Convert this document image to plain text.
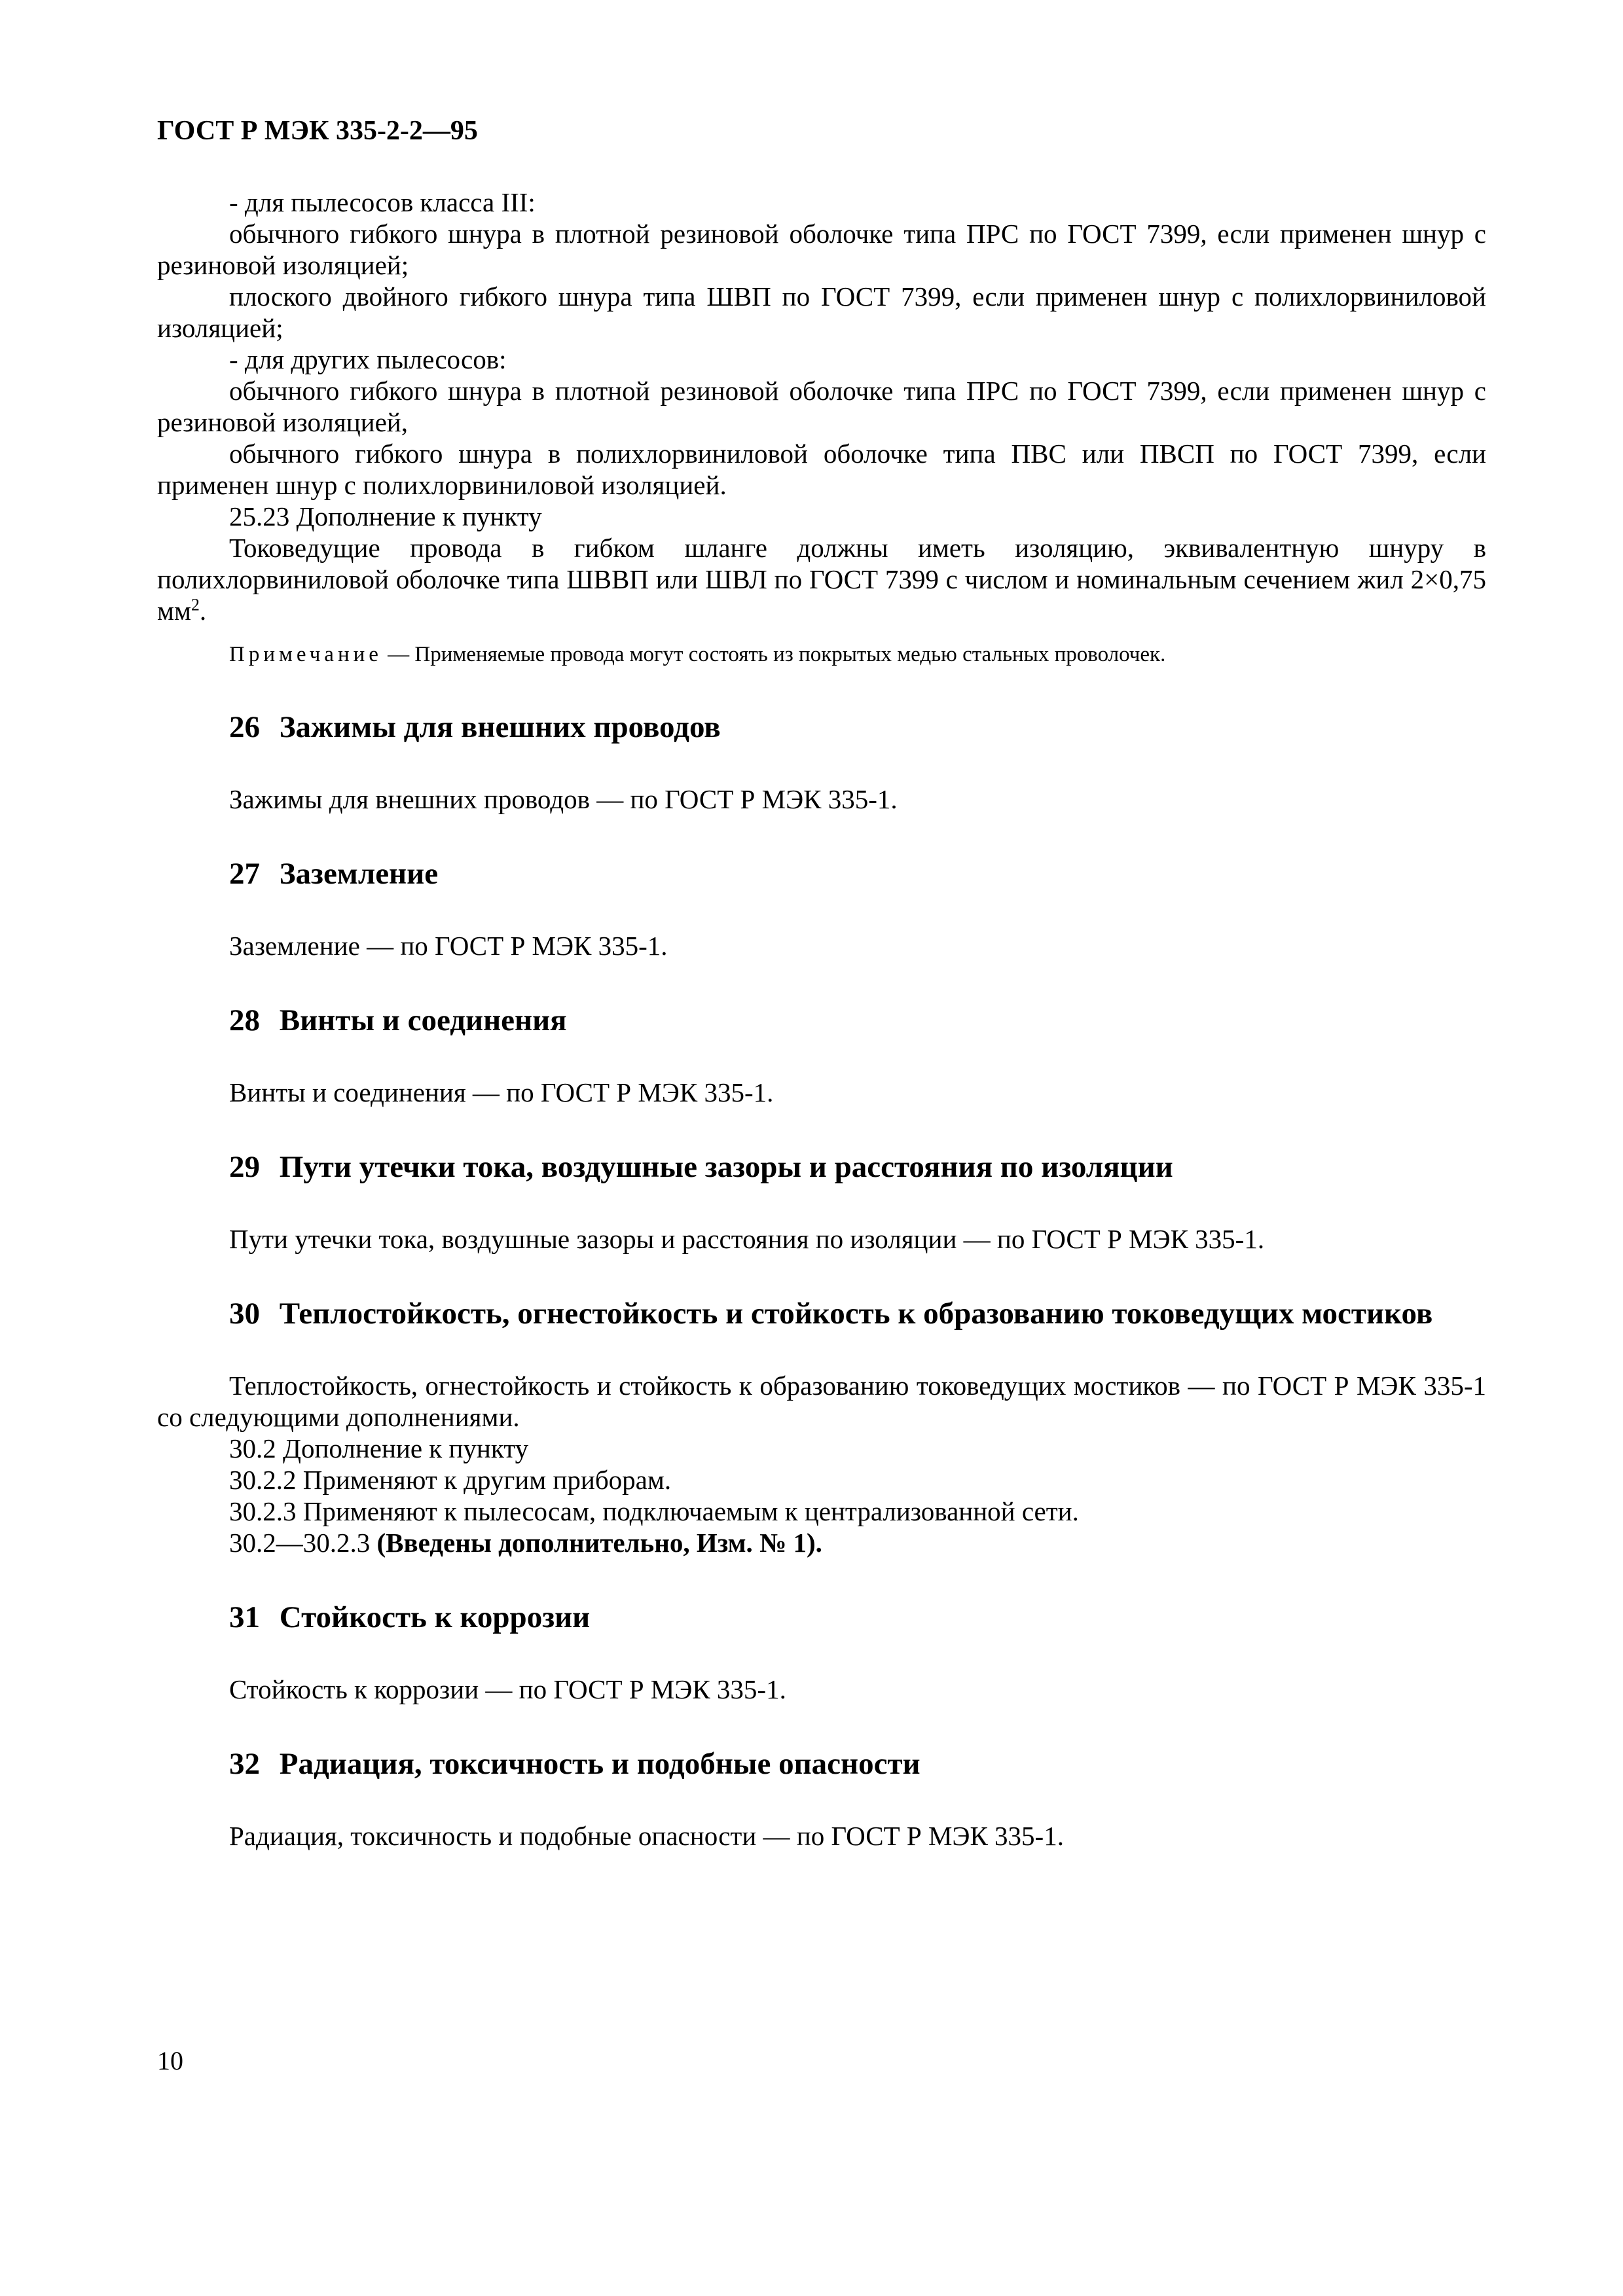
ГОСТ Р МЭК 335-2-2—95

- для пылесосов класса III:

обычного гибкого шнура в плотной резиновой оболочке типа ПРС по ГОСТ 7399, если применен шнур с резиновой изоляцией;

плоского двойного гибкого шнура типа ШВП по ГОСТ 7399, если применен шнур с полихлорвиниловой изоляцией;

- для других пылесосов:

обычного гибкого шнура в плотной резиновой оболочке типа ПРС по ГОСТ 7399, если применен шнур с резиновой изоляцией,

обычного гибкого шнура в полихлорвиниловой оболочке типа ПВС или ПВСП по ГОСТ 7399, если применен шнур с полихлорвиниловой изоляцией.

25.23 Дополнение к пункту

Токоведущие провода в гибком шланге должны иметь изоляцию, эквивалентную шнуру в полихлорвиниловой оболочке типа ШВВП или ШВЛ по ГОСТ 7399 с числом и номинальным сечением жил 2×0,75 $мм^2$.

Примечание — Применяемые провода могут состоять из покрытых медью стальных проволочек.

26 Зажимы для внешних проводов

Зажимы для внешних проводов — по ГОСТ Р МЭК 335-1.

27 Заземление

Заземление — по ГОСТ Р МЭК 335-1.

28 Винты и соединения

Винты и соединения — по ГОСТ Р МЭК 335-1.

29 Пути утечки тока, воздушные зазоры и расстояния по изоляции

Пути утечки тока, воздушные зазоры и расстояния по изоляции — по ГОСТ Р МЭК 335-1.

30 Теплостойкость, огнестойкость и стойкость к образованию токоведущих мостиков

Теплостойкость, огнестойкость и стойкость к образованию токоведущих мостиков — по ГОСТ Р МЭК 335-1 со следующими дополнениями.

30.2 Дополнение к пункту

30.2.2 Применяют к другим приборам.

30.2.3 Применяют к пылесосам, подключаемым к централизованной сети.

30.2—30.2.3 (Введены дополнительно, Изм. № 1).

31 Стойкость к коррозии

Стойкость к коррозии — по ГОСТ Р МЭК 335-1.

32 Радиация, токсичность и подобные опасности

Радиация, токсичность и подобные опасности — по ГОСТ Р МЭК 335-1.

10
